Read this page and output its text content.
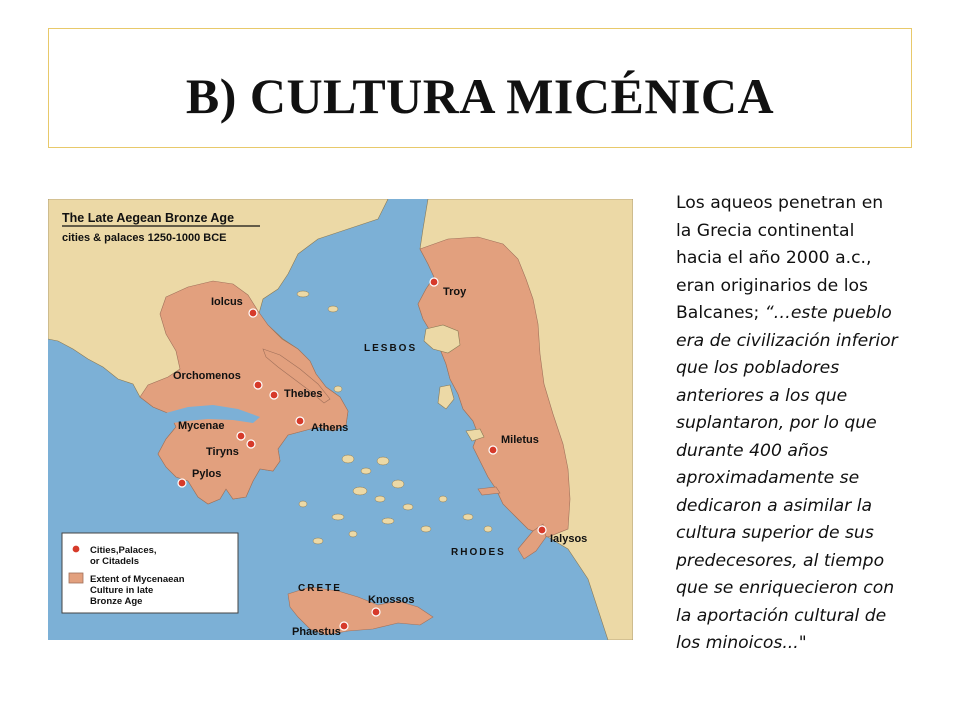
B) CULTURA MICÉNICA
The Late Aegean Bronze Age
cities & palaces 1250-1000 BCE
Iolcus
Orchomenos
Thebes
Mycenae	Athens
Tiryns
Pylos
Troy
Miletus
Ialysos
Knossos
Phaestus
LESBOS
RHODES
CRETE
Cities,Palaces,
or Citadels
Extent of Mycenaean
Culture in late
Bronze Age

Los aqueos penetran en

la Grecia continental

hacia el año 2000 a.c.,

eran originarios de los

Balcanes; “…este pueblo

era de civilización inferior

que los pobladores

anteriores a los que

suplantaron, por lo que

durante 400 años

aproximadamente se

dedicaron a asimilar la

cultura superior de sus

predecesores, al tiempo

que se enriquecieron con

la aportación cultural de

los minoicos..."
